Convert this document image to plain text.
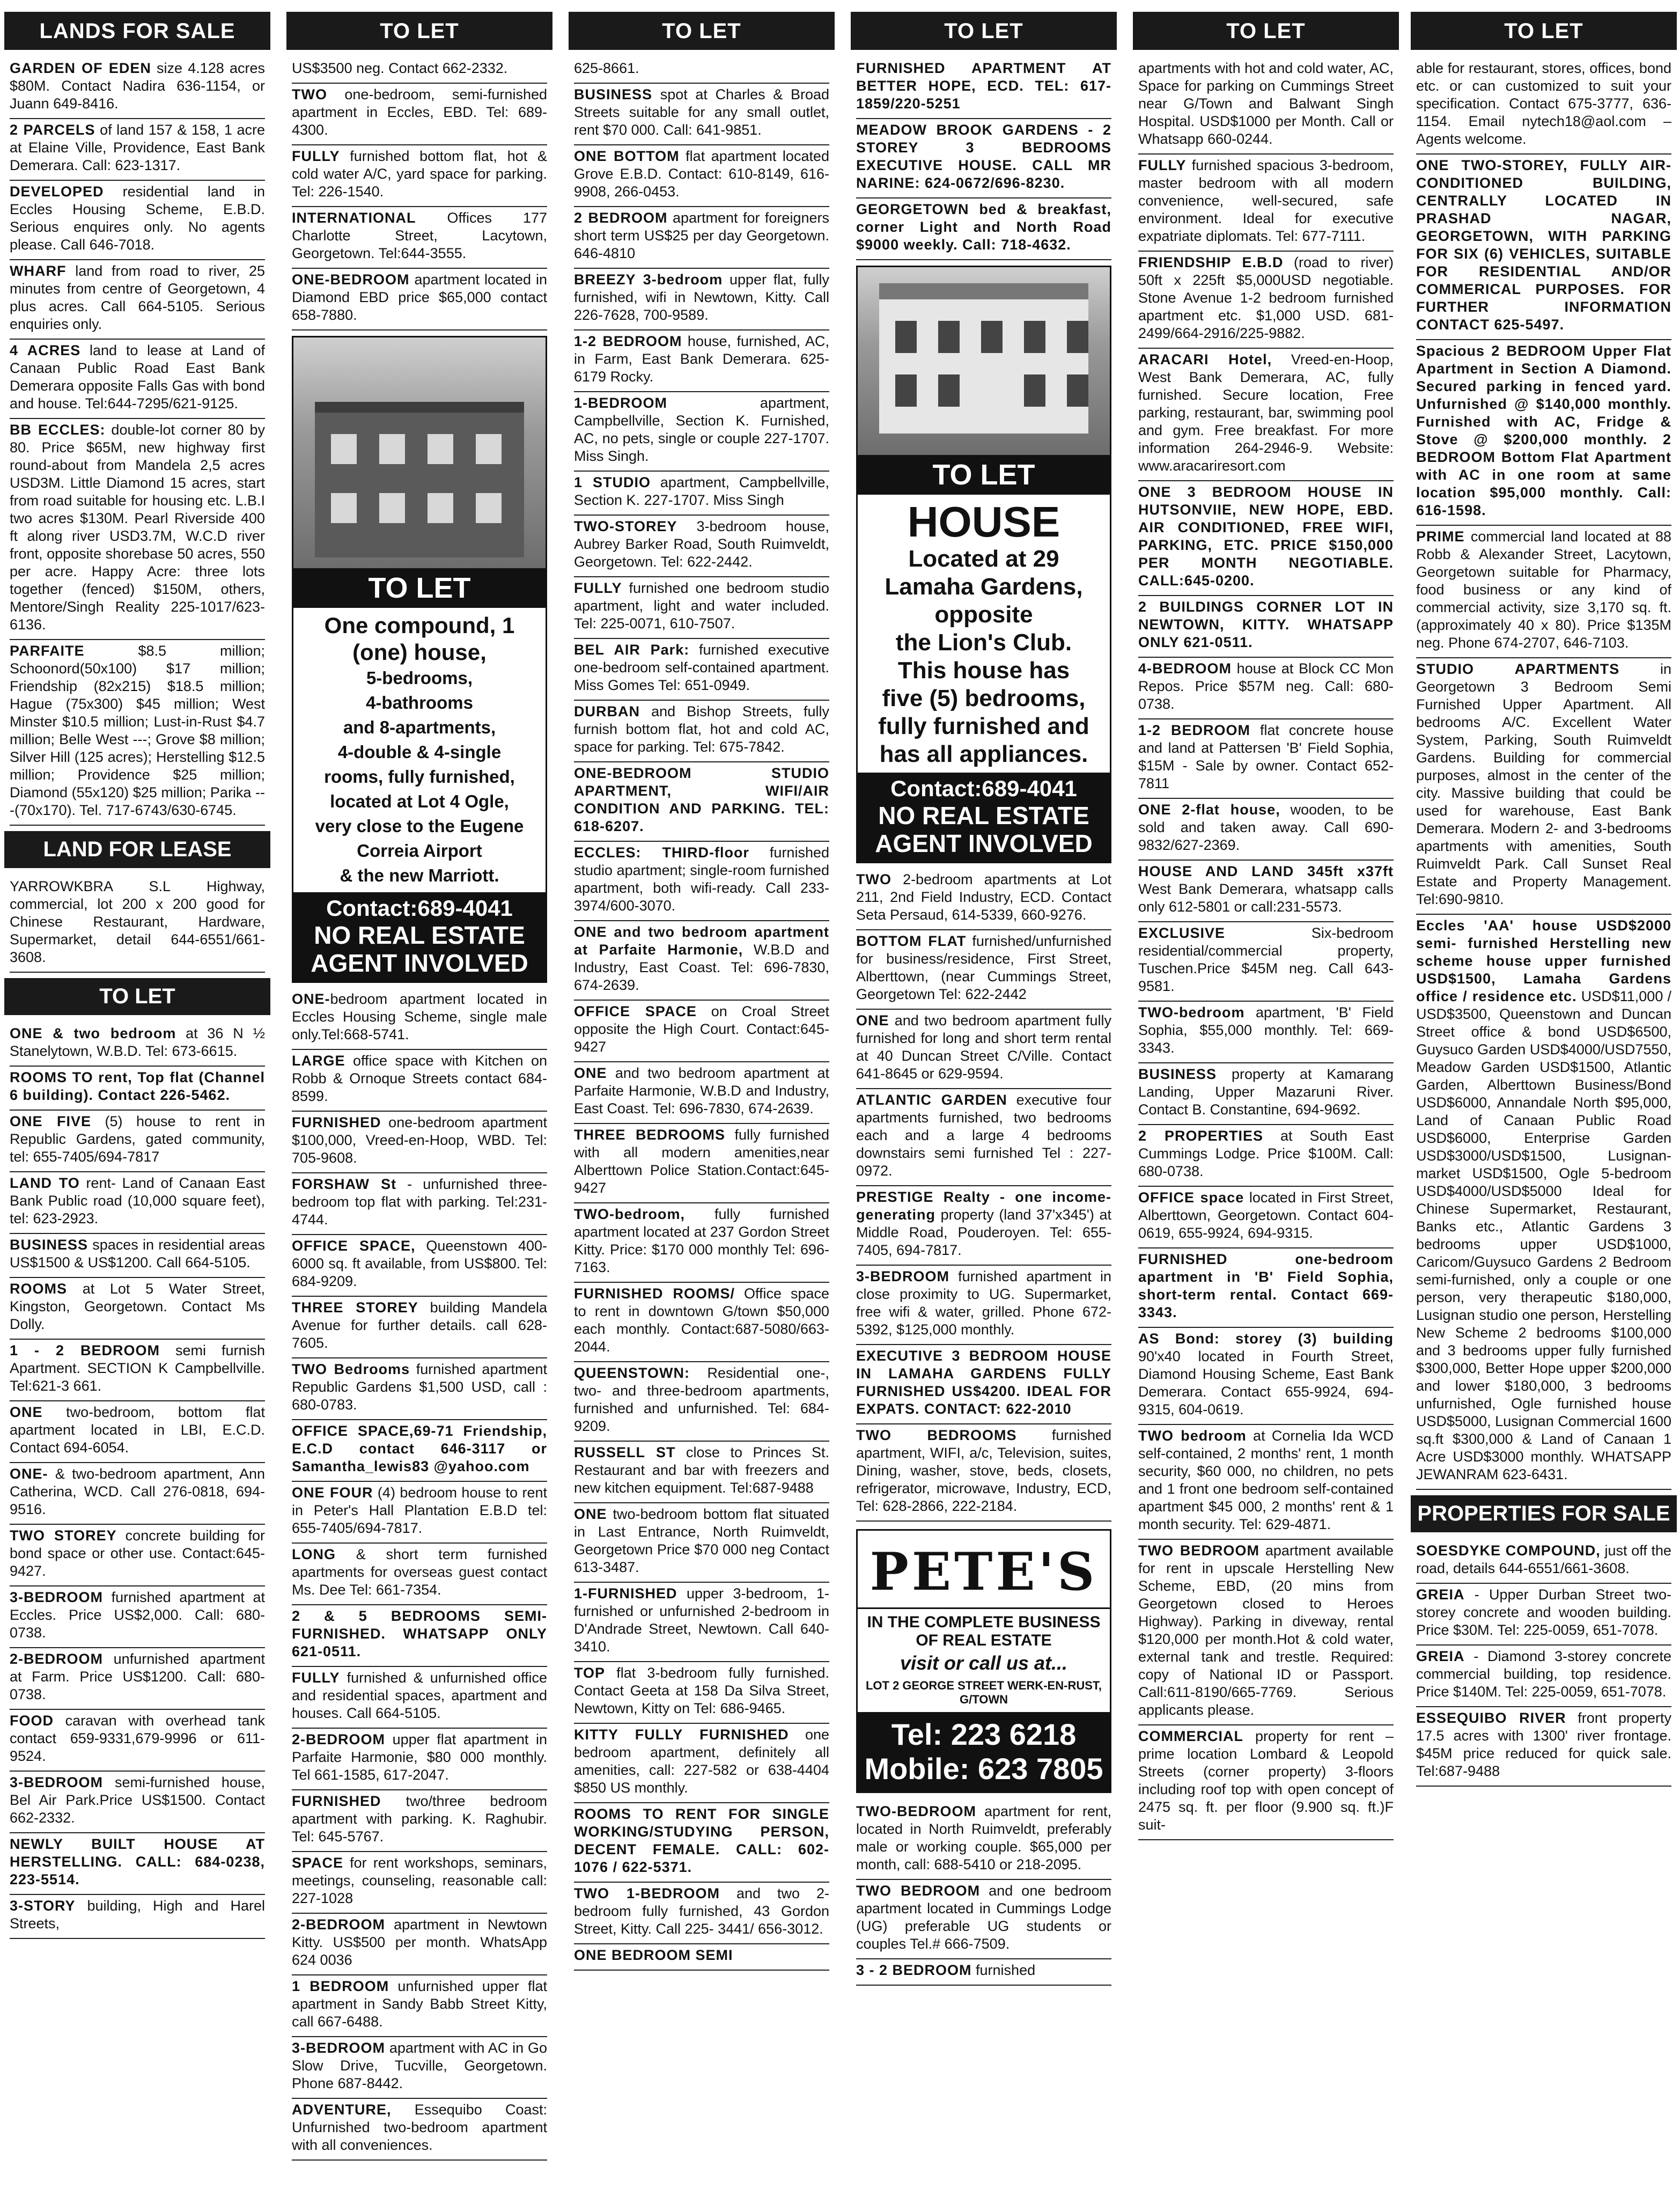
LANDS FOR SALE

GARDEN OF EDEN size 4.128 acres $80M. Contact Nadira 636-1154, or Juann 649-8416.

2 PARCELS of land 157 & 158, 1 acre at Elaine Ville, Providence, East Bank Demerara. Call: 623-1317.

DEVELOPED residential land in Eccles Housing Scheme, E.B.D. Serious enquires only. No agents please. Call 646-7018.

WHARF land from road to river, 25 minutes from centre of Georgetown, 4 plus acres. Call 664-5105. Serious enquiries only.

4 ACRES land to lease at Land of Canaan Public Road East Bank Demerara opposite Falls Gas with bond and house. Tel:644-7295/621-9125.

BB ECCLES: double-lot corner 80 by 80. Price $65M, new highway first round-about from Mandela 2,5 acres USD3M. Little Diamond 15 acres, start from road suitable for housing etc. L.B.I two acres $130M. Pearl Riverside 400 ft along river USD3.7M, W.C.D river front, opposite shorebase 50 acres, 550 per acre. Happy Acre: three lots together (fenced) $150M, others, Mentore/Singh Reality 225-1017/623-6136.

PARFAITE $8.5 million; Schoonord(50x100) $17 million; Friendship (82x215) $18.5 million; Hague (75x300) $45 million; West Minster $10.5 million; Lust-in-Rust $4.7 million; Belle West ---; Grove $8 million; Silver Hill (125 acres); Herstelling $12.5 million; Providence $25 million; Diamond (55x120) $25 million; Parika ---(70x170). Tel. 717-6743/630-6745.

LAND FOR LEASE

YARROWKBRA S.L Highway, commercial, lot 200 x 200 good for Chinese Restaurant, Hardware, Supermarket, detail 644-6551/661-3608.

TO LET

ONE & two bedroom at 36 N ½ Stanelytown, W.B.D. Tel: 673-6615.

ROOMS TO rent, Top flat (Channel 6 building). Contact 226-5462.

ONE FIVE (5) house to rent in Republic Gardens, gated community, tel: 655-7405/694-7817

LAND TO rent- Land of Canaan East Bank Public road (10,000 square feet), tel: 623-2923.

BUSINESS spaces in residential areas US$1500 & US$1200. Call 664-5105.

ROOMS at Lot 5 Water Street, Kingston, Georgetown. Contact Ms Dolly.

1 - 2 BEDROOM semi furnish Apartment. SECTION K Campbellville. Tel:621-3 661.

ONE two-bedroom, bottom flat apartment located in LBI, E.C.D. Contact 694-6054.

ONE- & two-bedroom apartment, Ann Catherina, WCD. Call 276-0818, 694-9516.

TWO STOREY concrete building for bond space or other use. Contact:645-9427.

3-BEDROOM furnished apartment at Eccles. Price US$2,000. Call: 680-0738.

2-BEDROOM unfurnished apartment at Farm. Price US$1200. Call: 680-0738.

FOOD caravan with overhead tank contact 659-9331,679-9996 or 611-9524.

3-BEDROOM semi-furnished house, Bel Air Park.Price US$1500. Contact 662-2332.

NEWLY BUILT HOUSE AT HERSTELLING. CALL: 684-0238, 223-5514.

3-STORY building, High and Harel Streets,

TO LET

US$3500 neg. Contact 662-2332.

TWO one-bedroom, semi-furnished apartment in Eccles, EBD. Tel: 689-4300.

FULLY furnished bottom flat, hot & cold water A/C, yard space for parking. Tel: 226-1540.

INTERNATIONAL Offices 177 Charlotte Street, Lacytown, Georgetown. Tel:644-3555.

ONE-BEDROOM apartment located in Diamond EBD price $65,000 contact 658-7880.

TO LET
One compound, 1 (one) house,
5-bedrooms,
4-bathrooms
and 8-apartments,
4-double & 4-single
rooms, fully furnished,
located at Lot 4 Ogle,
very close to the Eugene
Correia Airport
& the new Marriott.
Contact:689-4041
NO REAL ESTATE AGENT INVOLVED

ONE-bedroom apartment located in Eccles Housing Scheme, single male only.Tel:668-5741.

LARGE office space with Kitchen on Robb & Ornoque Streets contact 684-8599.

FURNISHED one-bedroom apartment $100,000, Vreed-en-Hoop, WBD. Tel: 705-9608.

FORSHAW St - unfurnished three-bedroom top flat with parking. Tel:231-4744.

OFFICE SPACE, Queenstown 400-6000 sq. ft available, from US$800. Tel: 684-9209.

THREE STOREY building Mandela Avenue for further details. call 628-7605.

TWO Bedrooms furnished apartment Republic Gardens $1,500 USD, call : 680-0783.

OFFICE SPACE,69-71 Friendship, E.C.D contact 646-3117 or Samantha_lewis83 @yahoo.com

ONE FOUR (4) bedroom house to rent in Peter's Hall Plantation E.B.D tel: 655-7405/694-7817.

LONG & short term furnished apartments for overseas guest contact Ms. Dee Tel: 661-7354.

2 & 5 BEDROOMS SEMI-FURNISHED. WHATSAPP ONLY 621-0511.

FULLY furnished & unfurnished office and residential spaces, apartment and houses. Call 664-5105.

2-BEDROOM upper flat apartment in Parfaite Harmonie, $80 000 monthly. Tel 661-1585, 617-2047.

FURNISHED two/three bedroom apartment with parking. K. Raghubir. Tel: 645-5767.

SPACE for rent workshops, seminars, meetings, counseling, reasonable call: 227-1028

2-BEDROOM apartment in Newtown Kitty. US$500 per month. WhatsApp 624 0036

1 BEDROOM unfurnished upper flat apartment in Sandy Babb Street Kitty, call 667-6488.

3-BEDROOM apartment with AC in Go Slow Drive, Tucville, Georgetown. Phone 687-8442.

ADVENTURE, Essequibo Coast: Unfurnished two-bedroom apartment with all conveniences.

TO LET

625-8661.

BUSINESS spot at Charles & Broad Streets suitable for any small outlet, rent $70 000. Call: 641-9851.

ONE BOTTOM flat apartment located Grove E.B.D. Contact: 610-8149, 616-9908, 266-0453.

2 BEDROOM apartment for foreigners short term US$25 per day Georgetown. 646-4810

BREEZY 3-bedroom upper flat, fully furnished, wifi in Newtown, Kitty. Call 226-7628, 700-9589.

1-2 BEDROOM house, furnished, AC, in Farm, East Bank Demerara. 625-6179 Rocky.

1-BEDROOM apartment, Campbellville, Section K. Furnished, AC, no pets, single or couple 227-1707. Miss Singh.

1 STUDIO apartment, Campbellville, Section K. 227-1707. Miss Singh

TWO-STOREY 3-bedroom house, Aubrey Barker Road, South Ruimveldt, Georgetown. Tel: 622-2442.

FULLY furnished one bedroom studio apartment, light and water included. Tel: 225-0071, 610-7507.

BEL AIR Park: furnished executive one-bedroom self-contained apartment. Miss Gomes Tel: 651-0949.

DURBAN and Bishop Streets, fully furnish bottom flat, hot and cold AC, space for parking. Tel: 675-7842.

ONE-BEDROOM STUDIO APARTMENT, WIFI/AIR CONDITION AND PARKING. TEL: 618-6207.

ECCLES: THIRD-floor furnished studio apartment; single-room furnished apartment, both wifi-ready. Call 233-3974/600-3070.

ONE and two bedroom apartment at Parfaite Harmonie, W.B.D and Industry, East Coast. Tel: 696-7830, 674-2639.

OFFICE SPACE on Croal Street opposite the High Court. Contact:645-9427

ONE and two bedroom apartment at Parfaite Harmonie, W.B.D and Industry, East Coast. Tel: 696-7830, 674-2639.

THREE BEDROOMS fully furnished with all modern amenities,near Alberttown Police Station.Contact:645-9427

TWO-bedroom, fully furnished apartment located at 237 Gordon Street Kitty. Price: $170 000 monthly Tel: 696-7163.

FURNISHED ROOMS/ Office space to rent in downtown G/town $50,000 each monthly. Contact:687-5080/663-2044.

QUEENSTOWN: Residential one-, two- and three-bedroom apartments, furnished and unfurnished. Tel: 684-9209.

RUSSELL ST close to Princes St. Restaurant and bar with freezers and new kitchen equipment. Tel:687-9488

ONE two-bedroom bottom flat situated in Last Entrance, North Ruimveldt, Georgetown Price $70 000 neg Contact 613-3487.

1-FURNISHED upper 3-bedroom, 1-furnished or unfurnished 2-bedroom in D'Andrade Street, Newtown. Call 640-3410.

TOP flat 3-bedroom fully furnished. Contact Geeta at 158 Da Silva Street, Newtown, Kitty on Tel: 686-9465.

KITTY FULLY FURNISHED one bedroom apartment, definitely all amenities, call: 227-582 or 638-4404 $850 US monthly.

ROOMS TO RENT FOR SINGLE WORKING/STUDYING PERSON, DECENT FEMALE. CALL: 602-1076 / 622-5371.

TWO 1-BEDROOM and two 2-bedroom fully furnished, 43 Gordon Street, Kitty. Call 225- 3441/ 656-3012.

ONE BEDROOM SEMI

TO LET

FURNISHED APARTMENT AT BETTER HOPE, ECD. TEL: 617-1859/220-5251

MEADOW BROOK GARDENS - 2 STOREY 3 BEDROOMS EXECUTIVE HOUSE. CALL MR NARINE: 624-0672/696-8230.

GEORGETOWN bed & breakfast, corner Light and North Road $9000 weekly. Call: 718-4632.

TO LET
HOUSE
Located at 29
Lamaha Gardens,
opposite
the Lion's Club.
This house has
five (5) bedrooms,
fully furnished and
has all appliances.
Contact:689-4041
NO REAL ESTATE AGENT INVOLVED

TWO 2-bedroom apartments at Lot 211, 2nd Field Industry, ECD. Contact Seta Persaud, 614-5339, 660-9276.

BOTTOM FLAT furnished/unfurnished for business/residence, First Street, Alberttown, (near Cummings Street, Georgetown Tel: 622-2442

ONE and two bedroom apartment fully furnished for long and short term rental at 40 Duncan Street C/Ville. Contact 641-8645 or 629-9594.

ATLANTIC GARDEN executive four apartments furnished, two bedrooms each and a large 4 bedrooms downstairs semi furnished Tel : 227-0972.

PRESTIGE Realty - one income-generating property (land 37'x345') at Middle Road, Pouderoyen. Tel: 655-7405, 694-7817.

3-BEDROOM furnished apartment in close proximity to UG. Supermarket, free wifi & water, grilled. Phone 672-5392, $125,000 monthly.

EXECUTIVE 3 BEDROOM HOUSE IN LAMAHA GARDENS FULLY FURNISHED US$4200. IDEAL FOR EXPATS. CONTACT: 622-2010

TWO BEDROOMS furnished apartment, WIFI, a/c, Television, suites, Dining, washer, stove, beds, closets, refrigerator, microwave, Industry, ECD, Tel: 628-2866, 222-2184.

PETE'S
IN THE COMPLETE BUSINESS OF REAL ESTATE
visit or call us at...
LOT 2 GEORGE STREET WERK-EN-RUST, G/TOWN
Tel: 223 6218
Mobile: 623 7805

TWO-BEDROOM apartment for rent, located in North Ruimveldt, preferably male or working couple. $65,000 per month, call: 688-5410 or 218-2095.

TWO BEDROOM and one bedroom apartment located in Cummings Lodge (UG) preferable UG students or couples Tel.# 666-7509.

3 - 2 BEDROOM furnished

TO LET

apartments with hot and cold water, AC, Space for parking on Cummings Street near G/Town and Balwant Singh Hospital. USD$1000 per Month. Call or Whatsapp 660-0244.

FULLY furnished spacious 3-bedroom, master bedroom with all modern convenience, well-secured, safe environment. Ideal for executive expatriate diplomats. Tel: 677-7111.

FRIENDSHIP E.B.D (road to river) 50ft x 225ft $5,000USD negotiable. Stone Avenue 1-2 bedroom furnished apartment etc. $1,000 USD. 681-2499/664-2916/225-9882.

ARACARI Hotel, Vreed-en-Hoop, West Bank Demerara, AC, fully furnished. Secure location, Free parking, restaurant, bar, swimming pool and gym. Free breakfast. For more information 264-2946-9. Website: www.aracariresort.com

ONE 3 BEDROOM HOUSE IN HUTSONVIIE, NEW HOPE, EBD. AIR CONDITIONED, FREE WIFI, PARKING, ETC. PRICE $150,000 PER MONTH NEGOTIABLE. CALL:645-0200.

2 BUILDINGS CORNER LOT IN NEWTOWN, KITTY. WHATSAPP ONLY 621-0511.

4-BEDROOM house at Block CC Mon Repos. Price $57M neg. Call: 680-0738.

1-2 BEDROOM flat concrete house and land at Pattersen 'B' Field Sophia, $15M - Sale by owner. Contact 652-7811

ONE 2-flat house, wooden, to be sold and taken away. Call 690-9832/627-2369.

HOUSE AND LAND 345ft x37ft West Bank Demerara, whatsapp calls only 612-5801 or call:231-5573.

EXCLUSIVE Six-bedroom residential/commercial property, Tuschen.Price $45M neg. Call 643-9581.

TWO-bedroom apartment, 'B' Field Sophia, $55,000 monthly. Tel: 669-3343.

BUSINESS property at Kamarang Landing, Upper Mazaruni River. Contact B. Constantine, 694-9692.

2 PROPERTIES at South East Cummings Lodge. Price $100M. Call: 680-0738.

OFFICE space located in First Street, Alberttown, Georgetown. Contact 604-0619, 655-9924, 694-9315.

FURNISHED one-bedroom apartment in 'B' Field Sophia, short-term rental. Contact 669-3343.

AS Bond: storey (3) building 90'x40 located in Fourth Street, Diamond Housing Scheme, East Bank Demerara. Contact 655-9924, 694-9315, 604-0619.

TWO bedroom at Cornelia Ida WCD self-contained, 2 months' rent, 1 month security, $60 000, no children, no pets and 1 front one bedroom self-contained apartment $45 000, 2 months' rent & 1 month security. Tel: 629-4871.

TWO BEDROOM apartment available for rent in upscale Herstelling New Scheme, EBD, (20 mins from Georgetown closed to Heroes Highway). Parking in diveway, rental $120,000 per month.Hot & cold water, external tank and trestle. Required: copy of National ID or Passport. Call:611-8190/665-7769. Serious applicants please.

COMMERCIAL property for rent – prime location Lombard & Leopold Streets (corner property) 3-floors including roof top with open concept of 2475 sq. ft. per floor (9.900 sq. ft.)F suit-

TO LET

able for restaurant, stores, offices, bond etc. or can customized to suit your specification. Contact 675-3777, 636-1154. Email nytech18@aol.com – Agents welcome.

ONE TWO-STOREY, FULLY AIR-CONDITIONED BUILDING, CENTRALLY LOCATED IN PRASHAD NAGAR, GEORGETOWN, WITH PARKING FOR SIX (6) VEHICLES, SUITABLE FOR RESIDENTIAL AND/OR COMMERICAL PURPOSES. FOR FURTHER INFORMATION CONTACT 625-5497.

Spacious 2 BEDROOM Upper Flat Apartment in Section A Diamond. Secured parking in fenced yard. Unfurnished @ $140,000 monthly. Furnished with AC, Fridge & Stove @ $200,000 monthly. 2 BEDROOM Bottom Flat Apartment with AC in one room at same location $95,000 monthly. Call: 616-1598.

PRIME commercial land located at 88 Robb & Alexander Street, Lacytown, Georgetown suitable for Pharmacy, food business or any kind of commercial activity, size 3,170 sq. ft. (approximately 40 x 80). Price $135M neg. Phone 674-2707, 646-7103.

STUDIO APARTMENTS in Georgetown 3 Bedroom Semi Furnished Upper Apartment. All bedrooms A/C. Excellent Water System, Parking, South Ruimveldt Gardens. Building for commercial purposes, almost in the center of the city. Massive building that could be used for warehouse, East Bank Demerara. Modern 2- and 3-bedrooms apartments with amenities, South Ruimveldt Park. Call Sunset Real Estate and Property Management. Tel:690-9810.

Eccles 'AA' house USD$2000 semi- furnished Herstelling new scheme house upper furnished USD$1500, Lamaha Gardens office / residence etc. USD$11,000 / USD$3500, Queenstown and Duncan Street office & bond USD$6500, Guysuco Garden USD$4000/USD7550, Meadow Garden USD$1500, Atlantic Garden, Alberttown Business/Bond USD$6000, Annandale North $95,000, Land of Canaan Public Road USD$6000, Enterprise Garden USD$3000/USD$1500, Lusignan-market USD$1500, Ogle 5-bedroom USD$4000/USD$5000 Ideal for Chinese Supermarket, Restaurant, Banks etc., Atlantic Gardens 3 bedrooms upper USD$1000, Caricom/Guysuco Gardens 2 Bedroom semi-furnished, only a couple or one person, very therapeutic $180,000, Lusignan studio one person, Herstelling New Scheme 2 bedrooms $100,000 and 3 bedrooms upper fully furnished $300,000, Better Hope upper $200,000 and lower $180,000, 3 bedrooms unfurnished, Ogle furnished house USD$5000, Lusignan Commercial 1600 sq.ft $300,000 & Land of Canaan 1 Acre USD$3000 monthly. WHATSAPP JEWANRAM 623-6431.

PROPERTIES FOR SALE

SOESDYKE COMPOUND, just off the road, details 644-6551/661-3608.

GREIA - Upper Durban Street two-storey concrete and wooden building. Price $30M. Tel: 225-0059, 651-7078.

GREIA - Diamond 3-storey concrete commercial building, top residence. Price $140M. Tel: 225-0059, 651-7078.

ESSEQUIBO RIVER front property 17.5 acres with 1300' river frontage. $45M price reduced for quick sale. Tel:687-9488
